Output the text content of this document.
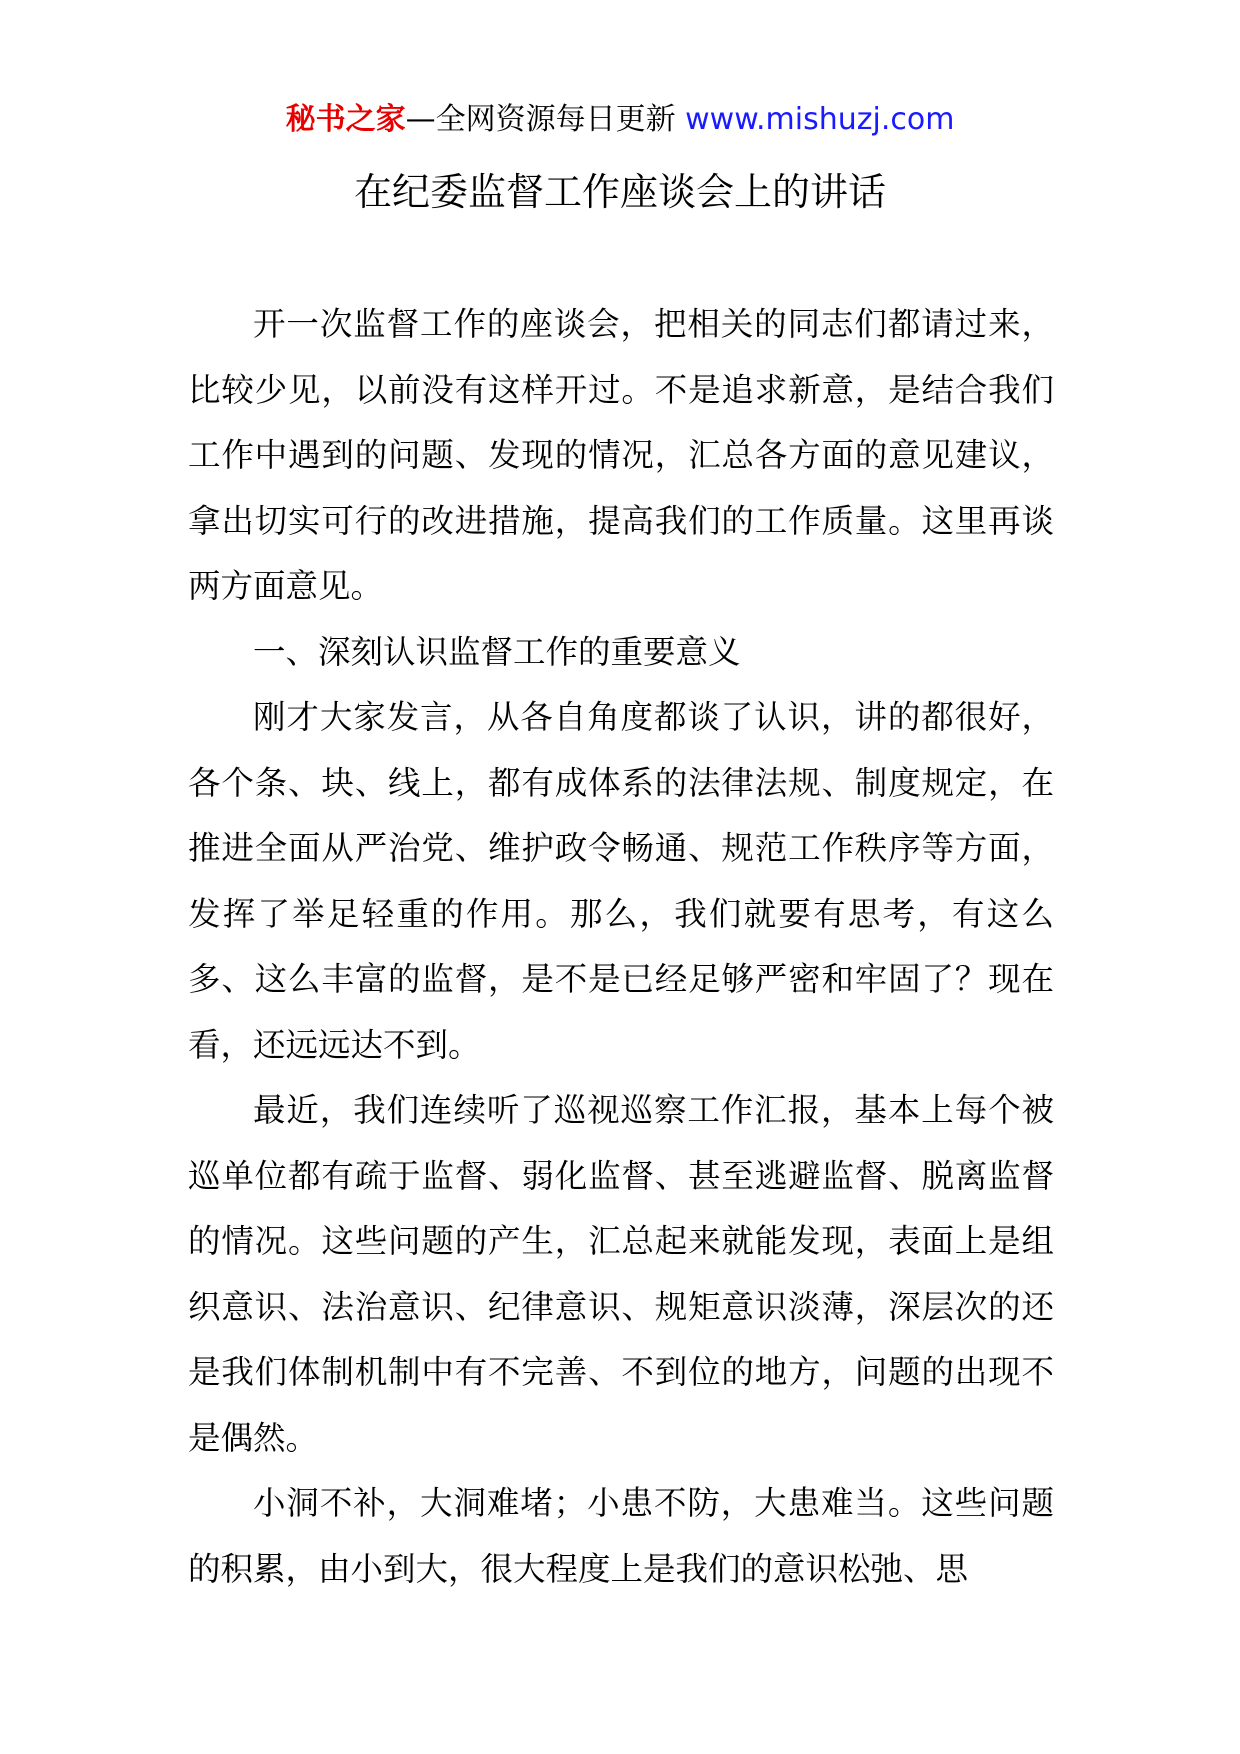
秘书之家—全网资源每日更新 www.mishuzj.com
在纪委监督工作座谈会上的讲话

开一次监督工作的座谈会，把相关的同志们都请过来，比较少见，以前没有这样开过。不是追求新意，是结合我们工作中遇到的问题、发现的情况，汇总各方面的意见建议，拿出切实可行的改进措施，提高我们的工作质量。这里再谈两方面意见。

一、深刻认识监督工作的重要意义

刚才大家发言，从各自角度都谈了认识，讲的都很好，各个条、块、线上，都有成体系的法律法规、制度规定，在推进全面从严治党、维护政令畅通、规范工作秩序等方面，发挥了举足轻重的作用。那么，我们就要有思考，有这么多、这么丰富的监督，是不是已经足够严密和牢固了？现在看，还远远达不到。

最近，我们连续听了巡视巡察工作汇报，基本上每个被巡单位都有疏于监督、弱化监督、甚至逃避监督、脱离监督的情况。这些问题的产生，汇总起来就能发现，表面上是组织意识、法治意识、纪律意识、规矩意识淡薄，深层次的还是我们体制机制中有不完善、不到位的地方，问题的出现不是偶然。

小洞不补，大洞难堵；小患不防，大患难当。这些问题的积累，由小到大，很大程度上是我们的意识松弛、思
